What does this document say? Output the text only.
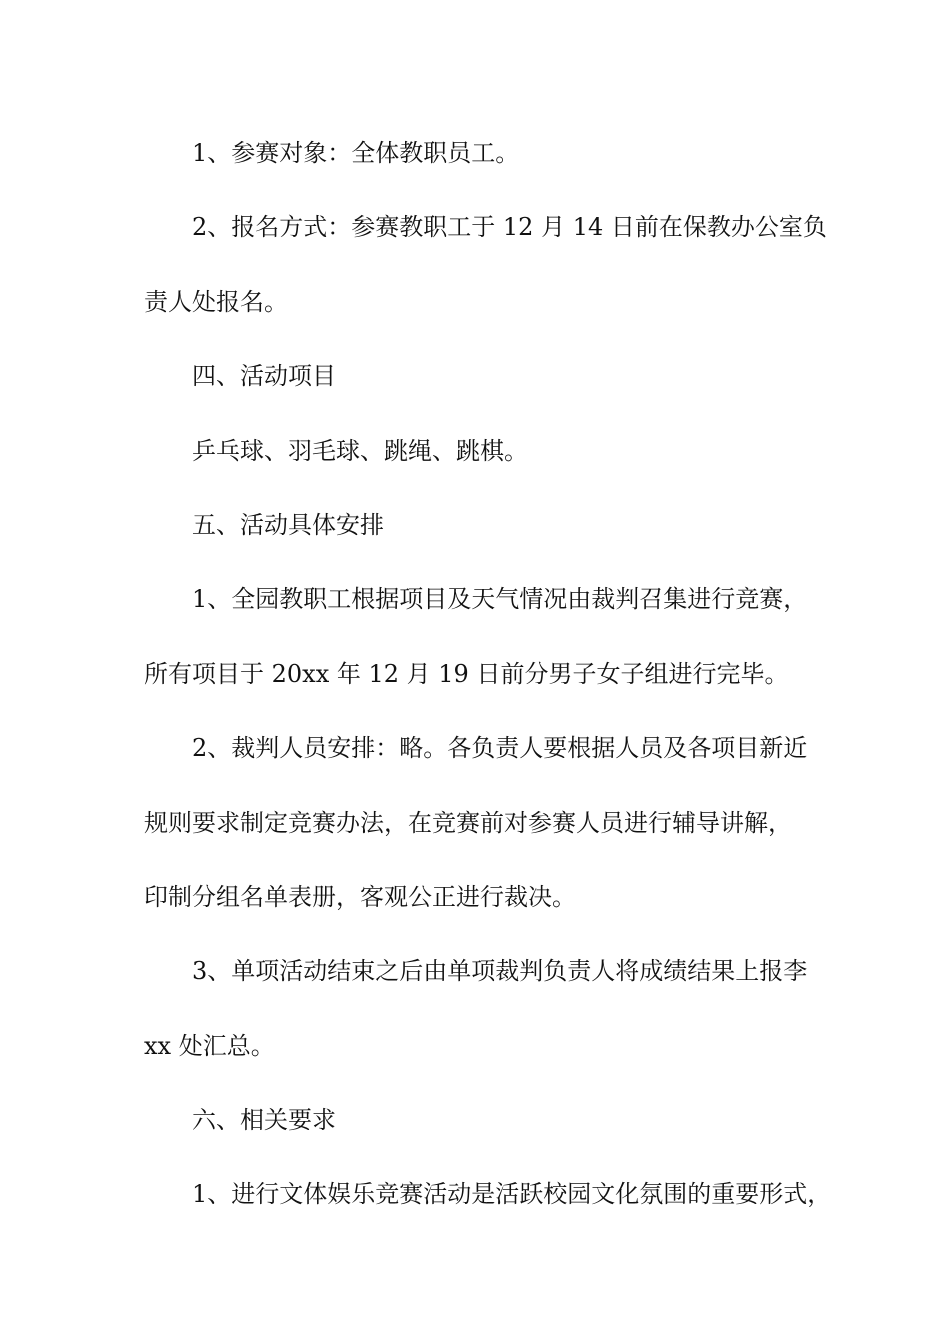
1、参赛对象：全体教职员工。
2、报名方式：参赛教职工于 12 月 14 日前在保教办公室负
责人处报名。
四、活动项目
乒乓球、羽毛球、跳绳、跳棋。
五、活动具体安排
1、全园教职工根据项目及天气情况由裁判召集进行竞赛，
所有项目于 20xx 年 12 月 19 日前分男子女子组进行完毕。
2、裁判人员安排：略。各负责人要根据人员及各项目新近
规则要求制定竞赛办法，在竞赛前对参赛人员进行辅导讲解，
印制分组名单表册，客观公正进行裁决。
3、单项活动结束之后由单项裁判负责人将成绩结果上报李
xx 处汇总。
六、相关要求
1、进行文体娱乐竞赛活动是活跃校园文化氛围的重要形式，
